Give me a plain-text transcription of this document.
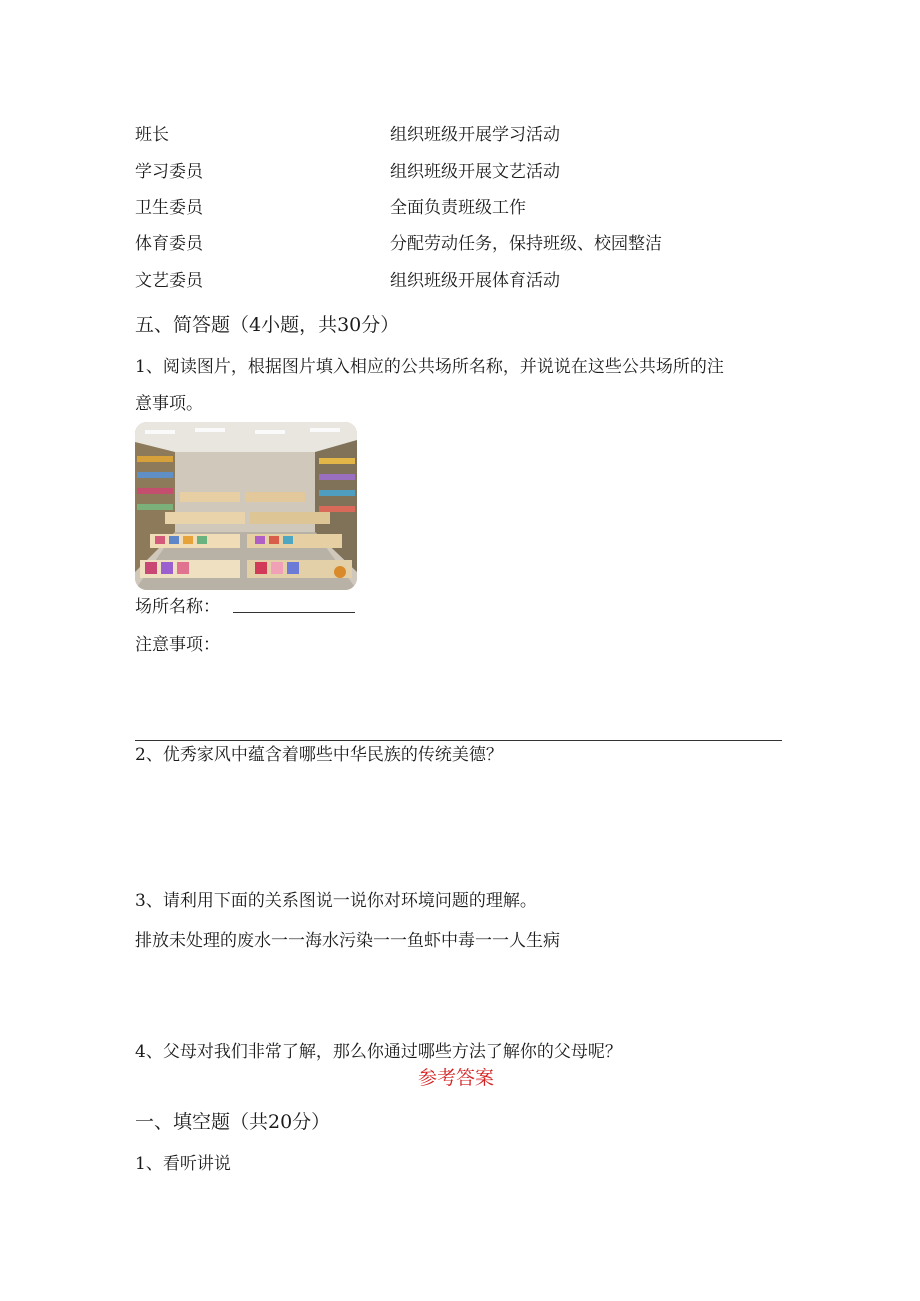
班长	组织班级开展学习活动
学习委员	组织班级开展文艺活动
卫生委员	全面负责班级工作
体育委员	分配劳动任务，保持班级、校园整洁
文艺委员	组织班级开展体育活动
五、简答题（4小题，共30分）
1、阅读图片，根据图片填入相应的公共场所名称，并说说在这些公共场所的注
意事项。
场所名称：
注意事项：
2、优秀家风中蕴含着哪些中华民族的传统美德？
3、请利用下面的关系图说一说你对环境问题的理解。
排放未处理的废水一一海水污染一一鱼虾中毒一一人生病
4、父母对我们非常了解，那么你通过哪些方法了解你的父母呢？
参考答案
一、填空题（共20分）
1、看听讲说
